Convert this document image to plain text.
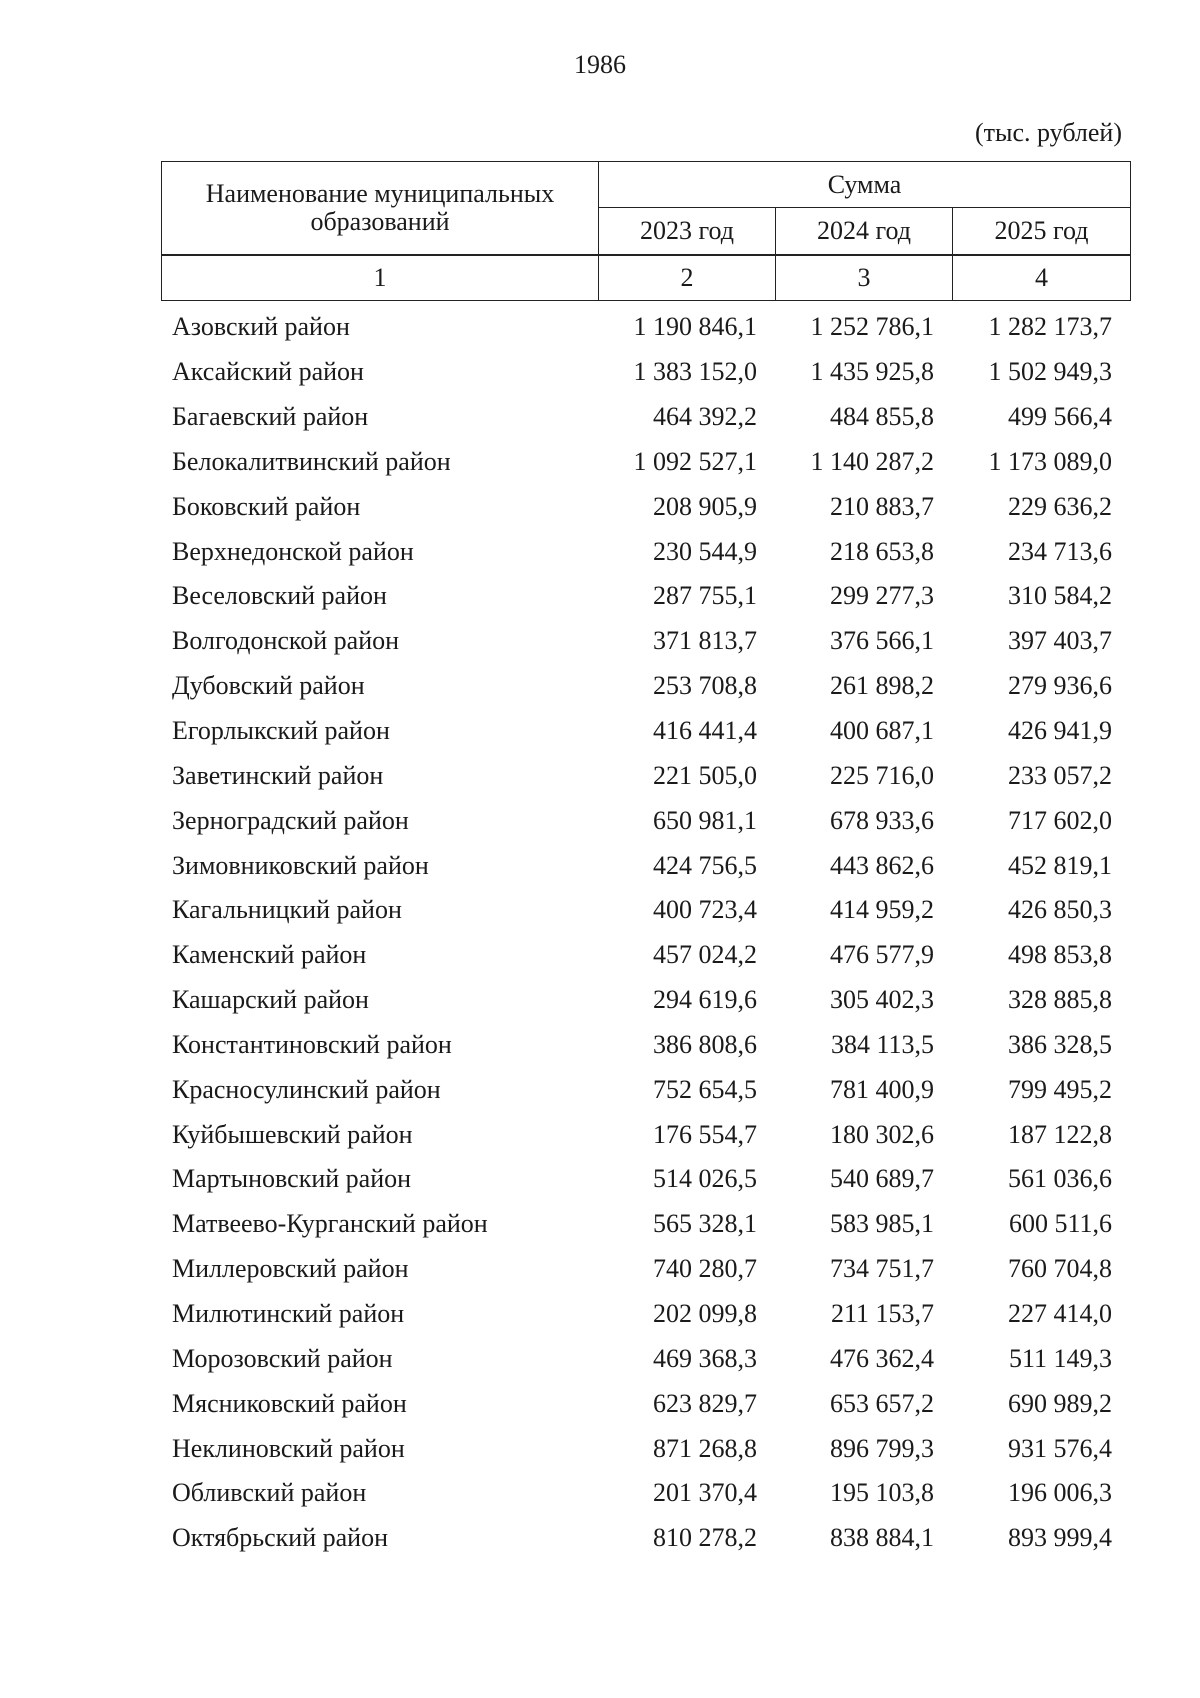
1986
(тыс. рублей)
Наименование муниципальных образований	Сумма		
	2023 год	2024 год	2025 год
1	2	3	4
Азовский район	1 190 846,1	1 252 786,1	1 282 173,7
Аксайский район	1 383 152,0	1 435 925,8	1 502 949,3
Багаевский район	464 392,2	484 855,8	499 566,4
Белокалитвинский район	1 092 527,1	1 140 287,2	1 173 089,0
Боковский район	208 905,9	210 883,7	229 636,2
Верхнедонской район	230 544,9	218 653,8	234 713,6
Веселовский район	287 755,1	299 277,3	310 584,2
Волгодонской район	371 813,7	376 566,1	397 403,7
Дубовский район	253 708,8	261 898,2	279 936,6
Егорлыкский район	416 441,4	400 687,1	426 941,9
Заветинский район	221 505,0	225 716,0	233 057,2
Зерноградский район	650 981,1	678 933,6	717 602,0
Зимовниковский район	424 756,5	443 862,6	452 819,1
Кагальницкий район	400 723,4	414 959,2	426 850,3
Каменский район	457 024,2	476 577,9	498 853,8
Кашарский район	294 619,6	305 402,3	328 885,8
Константиновский район	386 808,6	384 113,5	386 328,5
Красносулинский район	752 654,5	781 400,9	799 495,2
Куйбышевский район	176 554,7	180 302,6	187 122,8
Мартыновский район	514 026,5	540 689,7	561 036,6
Матвеево-Курганский район	565 328,1	583 985,1	600 511,6
Миллеровский район	740 280,7	734 751,7	760 704,8
Милютинский район	202 099,8	211 153,7	227 414,0
Морозовский район	469 368,3	476 362,4	511 149,3
Мясниковский район	623 829,7	653 657,2	690 989,2
Неклиновский район	871 268,8	896 799,3	931 576,4
Обливский район	201 370,4	195 103,8	196 006,3
Октябрьский район	810 278,2	838 884,1	893 999,4
